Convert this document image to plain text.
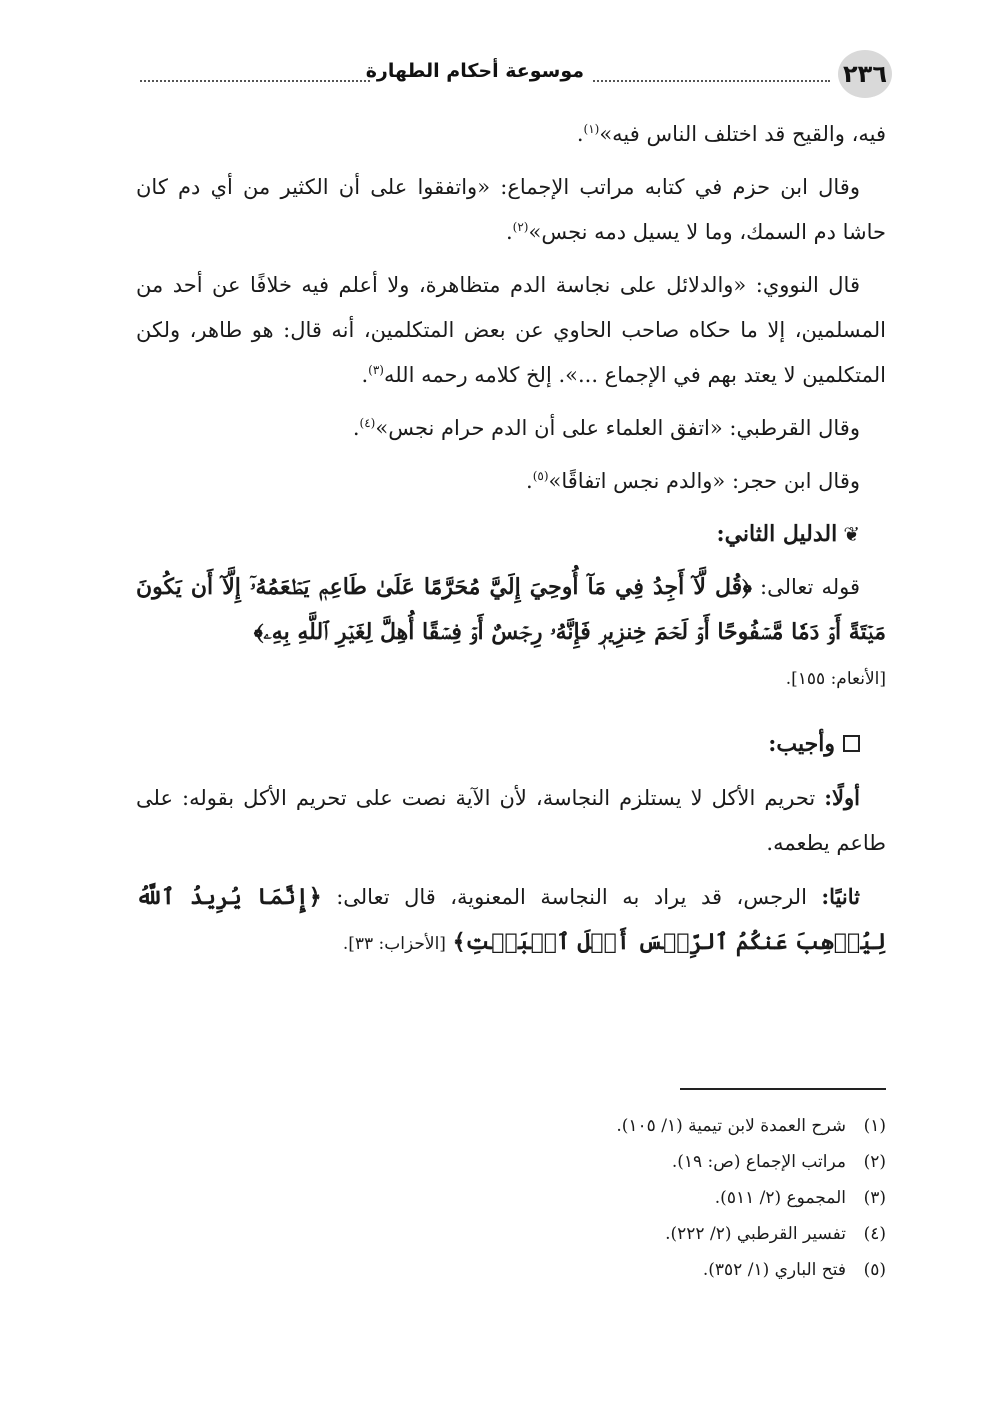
٢٣٦
موسوعة أحكام الطهارة

فيه، والقيح قد اختلف الناس فيه»$^{(١)}$.

وقال ابن حزم في كتابه مراتب الإجماع: «واتفقوا على أن الكثير من أي دم كان حاشا دم السمك، وما لا يسيل دمه نجس»$^{(٢)}$.

قال النووي: «والدلائل على نجاسة الدم متظاهرة، ولا أعلم فيه خلافًا عن أحد من المسلمين، إلا ما حكاه صاحب الحاوي عن بعض المتكلمين، أنه قال: هو طاهر، ولكن المتكلمين لا يعتد بهم في الإجماع ...». إلخ كلامه رحمه الله$^{(٣)}$.

وقال القرطبي: «اتفق العلماء على أن الدم حرام نجس»$^{(٤)}$.

وقال ابن حجر: «والدم نجس اتفاقًا»$^{(٥)}$.

❦الدليل الثاني:

قوله تعالى: ﴿قُل لَّآ أَجِدُ فِي مَآ أُوحِيَ إِلَيَّ مُحَرَّمًا عَلَىٰ طَاعِمٖ يَطۡعَمُهُۥٓ إِلَّآ أَن يَكُونَ مَيۡتَةً أَوۡ دَمٗا مَّسۡفُوحًا أَوۡ لَحۡمَ خِنزِيرٖ فَإِنَّهُۥ رِجۡسٌ أَوۡ فِسۡقًا أُهِلَّ لِغَيۡرِ ٱللَّهِ بِهِۦ﴾

[الأنعام: ١٥٥].

وأجيب:

أولًا: تحريم الأكل لا يستلزم النجاسة، لأن الآية نصت على تحريم الأكل بقوله: على طاعم يطعمه.

ثانيًا: الرجس، قد يراد به النجاسة المعنوية، قال تعالى: ﴿إِنَّمَا يُرِيدُ ٱللَّهُ لِيُذۡهِبَ عَنكُمُ ٱلرِّجۡسَ أَهۡلَ ٱلۡبَيۡتِ﴾ [الأحزاب: ٣٣].

(١)شرح العمدة لابن تيمية (١/ ١٠٥).

(٢)مراتب الإجماع (ص: ١٩).

(٣)المجموع (٢/ ٥١١).

(٤)تفسير القرطبي (٢/ ٢٢٢).

(٥)فتح الباري (١/ ٣٥٢).
